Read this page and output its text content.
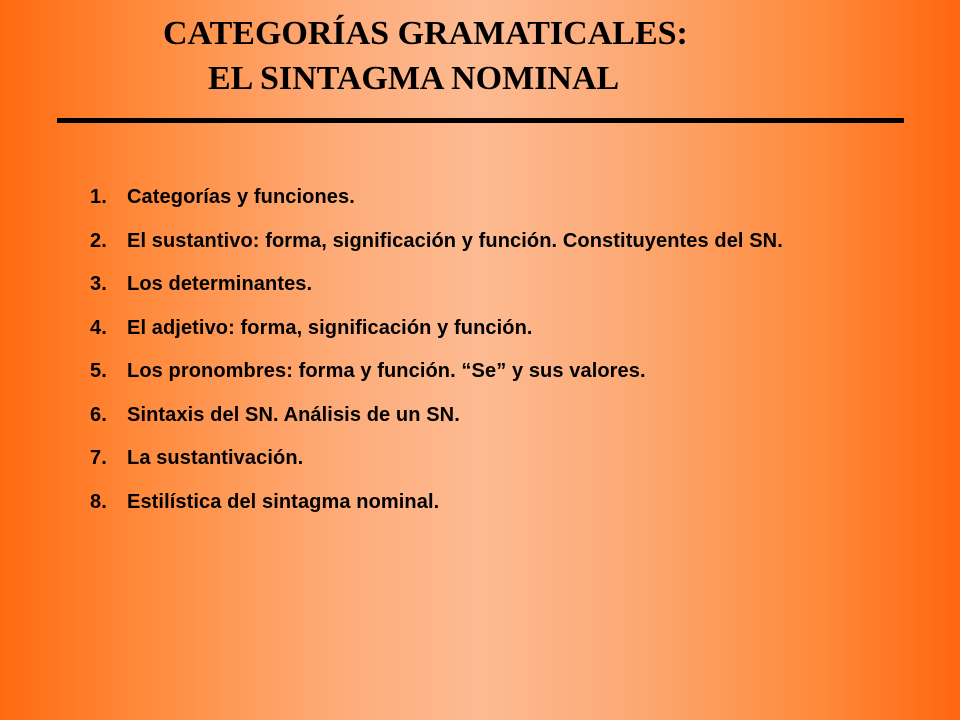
CATEGORÍAS GRAMATICALES:
EL SINTAGMA NOMINAL
1.	Categorías y funciones.
2.	El sustantivo: forma, significación y función. Constituyentes del SN.
3.	Los determinantes.
4.	El adjetivo: forma, significación y función.
5.	Los pronombres: forma y función. “Se” y sus valores.
6.	Sintaxis del SN. Análisis de un SN.
7.	La sustantivación.
8.	Estilística del sintagma nominal.
